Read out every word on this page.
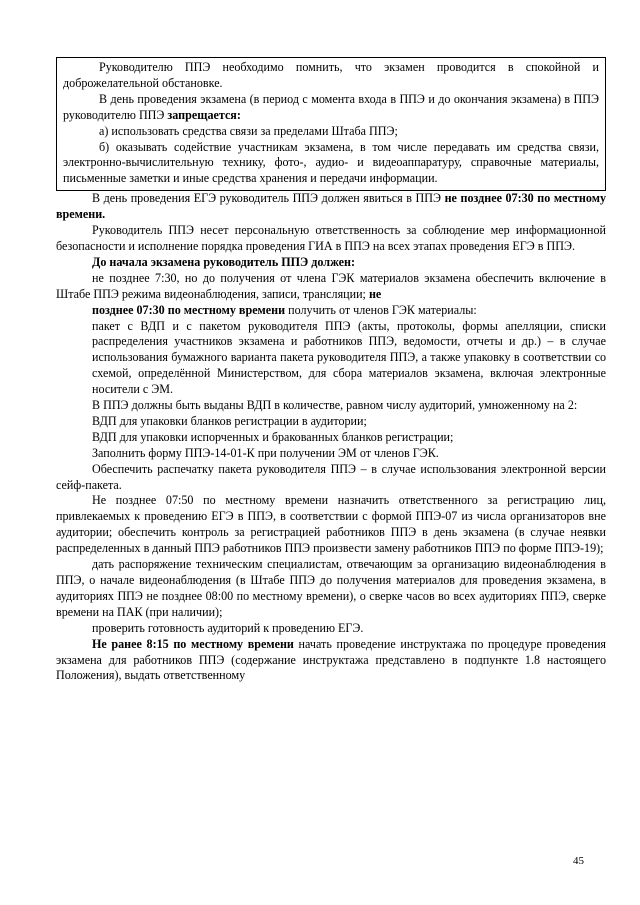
Руководителю ППЭ необходимо помнить, что экзамен проводится в спокойной и доброжелательной обстановке.

В день проведения экзамена (в период с момента входа в ППЭ и до окончания экзамена) в ППЭ руководителю ППЭ запрещается:

а) использовать средства связи за пределами Штаба ППЭ;

б) оказывать содействие участникам экзамена, в том числе передавать им средства связи, электронно-вычислительную технику, фото-, аудио- и видеоаппаратуру, справочные материалы, письменные заметки и иные средства хранения и передачи информации.

В день проведения ЕГЭ руководитель ППЭ должен явиться в ППЭ не позднее 07:30 по местному времени.

Руководитель ППЭ несет персональную ответственность за соблюдение мер информационной безопасности и исполнение порядка проведения ГИА в ППЭ на всех этапах проведения ЕГЭ в ППЭ.

До начала экзамена руководитель ППЭ должен:

не позднее 7:30, но до получения от члена ГЭК материалов экзамена обеспечить включение в Штабе ППЭ режима видеонаблюдения, записи, трансляции; не

позднее 07:30 по местному времени получить от членов ГЭК материалы:

пакет с ВДП и с пакетом руководителя ППЭ (акты, протоколы, формы апелляции, списки распределения участников экзамена и работников ППЭ, ведомости, отчеты и др.) – в случае использования бумажного варианта пакета руководителя ППЭ, а также упаковку в соответствии со схемой, определённой Министерством, для сбора материалов экзамена, включая электронные носители с ЭМ.

В ППЭ должны быть выданы ВДП в количестве, равном числу аудиторий, умноженному на 2:

ВДП для упаковки бланков регистрации в аудитории;

ВДП для упаковки испорченных и бракованных бланков регистрации;

Заполнить форму ППЭ-14-01-К при получении ЭМ от членов ГЭК.

Обеспечить распечатку пакета руководителя ППЭ – в случае использования электронной версии сейф-пакета.

Не позднее 07:50 по местному времени назначить ответственного за регистрацию лиц, привлекаемых к проведению ЕГЭ в ППЭ, в соответствии с формой ППЭ-07 из числа организаторов вне аудитории; обеспечить контроль за регистрацией работников ППЭ в день экзамена (в случае неявки распределенных в данный ППЭ работников ППЭ произвести замену работников ППЭ по форме ППЭ-19);

дать распоряжение техническим специалистам, отвечающим за организацию видеонаблюдения в ППЭ, о начале видеонаблюдения (в Штабе ППЭ до получения материалов для проведения экзамена, в аудиториях ППЭ не позднее 08:00 по местному времени), о сверке часов во всех аудиториях ППЭ, сверке времени на ПАК (при наличии);

проверить готовность аудиторий к проведению ЕГЭ.

Не ранее 8:15 по местному времени начать проведение инструктажа по процедуре проведения экзамена для работников ППЭ (содержание инструктажа представлено в подпункте 1.8 настоящего Положения), выдать ответственному

45
